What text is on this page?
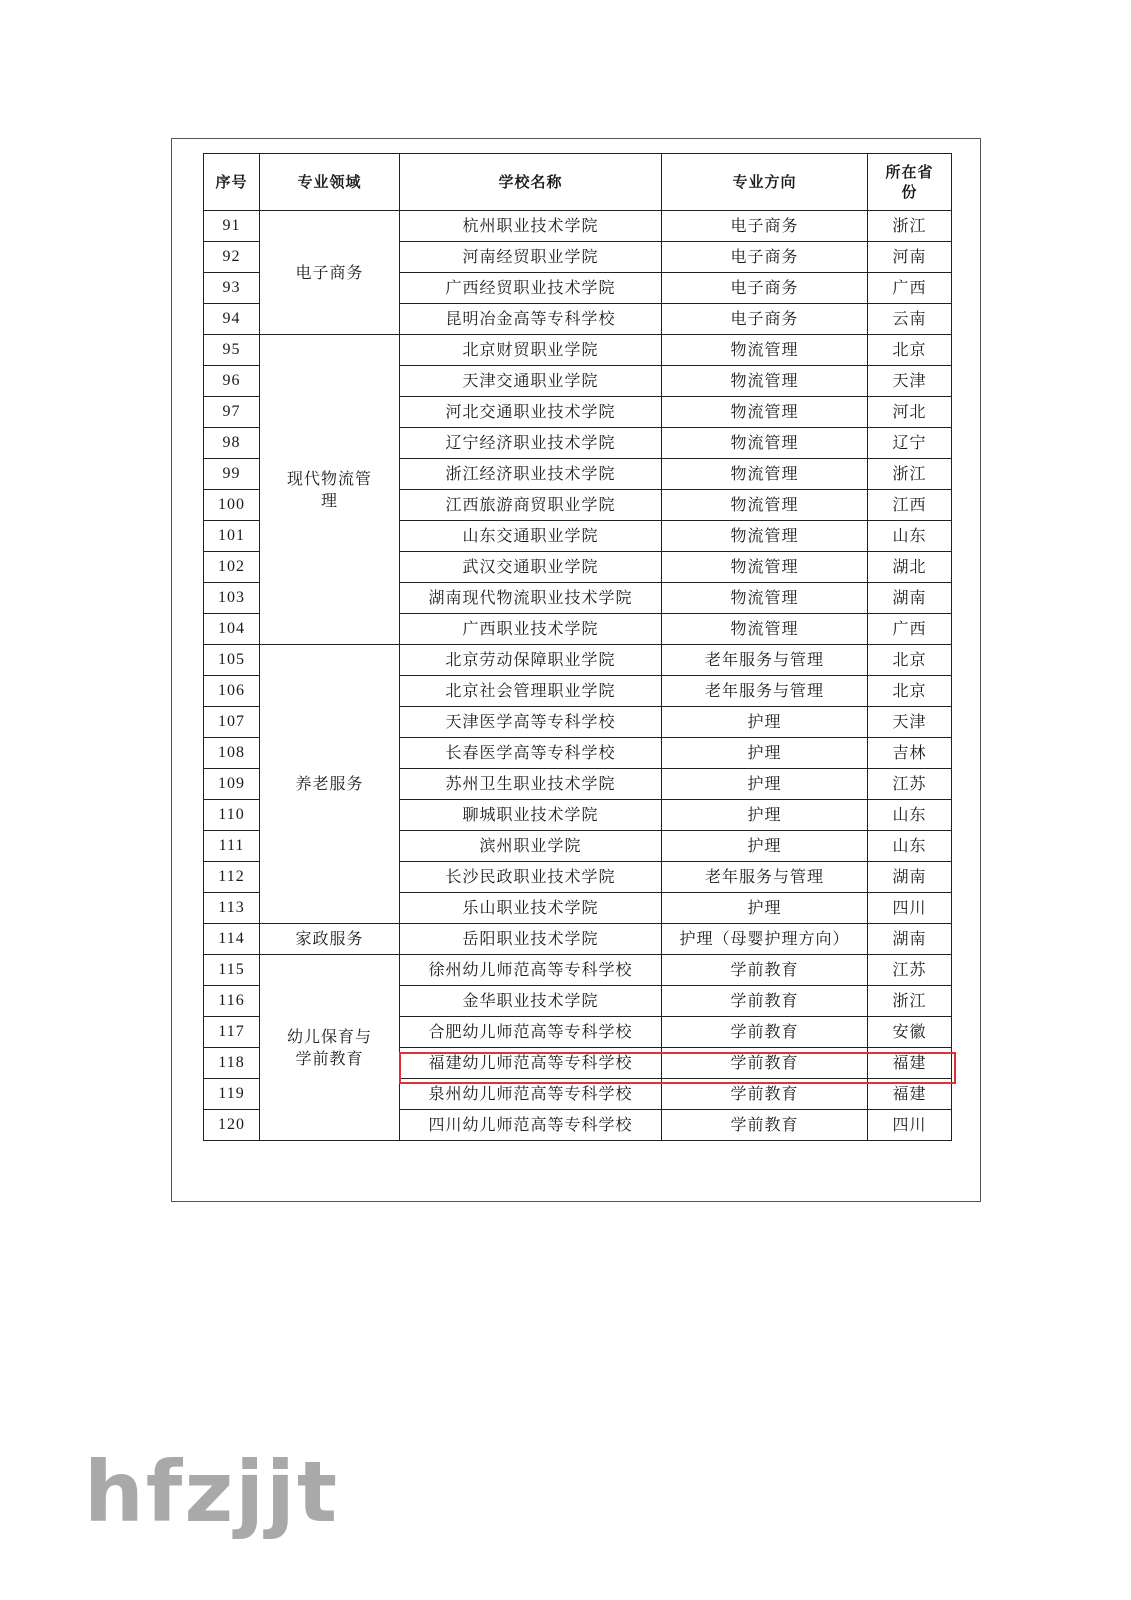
序号	专业领域	学校名称	专业方向	所在省份
91	电子商务	杭州职业技术学院	电子商务	浙江
92		河南经贸职业学院	电子商务	河南
93		广西经贸职业技术学院	电子商务	广西
94		昆明冶金高等专科学校	电子商务	云南
95	现代物流管理	北京财贸职业学院	物流管理	北京
96		天津交通职业学院	物流管理	天津
97		河北交通职业技术学院	物流管理	河北
98		辽宁经济职业技术学院	物流管理	辽宁
99		浙江经济职业技术学院	物流管理	浙江
100		江西旅游商贸职业学院	物流管理	江西
101		山东交通职业学院	物流管理	山东
102		武汉交通职业学院	物流管理	湖北
103		湖南现代物流职业技术学院	物流管理	湖南
104		广西职业技术学院	物流管理	广西
105	养老服务	北京劳动保障职业学院	老年服务与管理	北京
106		北京社会管理职业学院	老年服务与管理	北京
107		天津医学高等专科学校	护理	天津
108		长春医学高等专科学校	护理	吉林
109		苏州卫生职业技术学院	护理	江苏
110		聊城职业技术学院	护理	山东
111		滨州职业学院	护理	山东
112		长沙民政职业技术学院	老年服务与管理	湖南
113		乐山职业技术学院	护理	四川
114	家政服务	岳阳职业技术学院	护理（母婴护理方向）	湖南
115	幼儿保育与学前教育	徐州幼儿师范高等专科学校	学前教育	江苏
116		金华职业技术学院	学前教育	浙江
117		合肥幼儿师范高等专科学校	学前教育	安徽
118		福建幼儿师范高等专科学校	学前教育	福建
119		泉州幼儿师范高等专科学校	学前教育	福建
120		四川幼儿师范高等专科学校	学前教育	四川
hfzjjt
